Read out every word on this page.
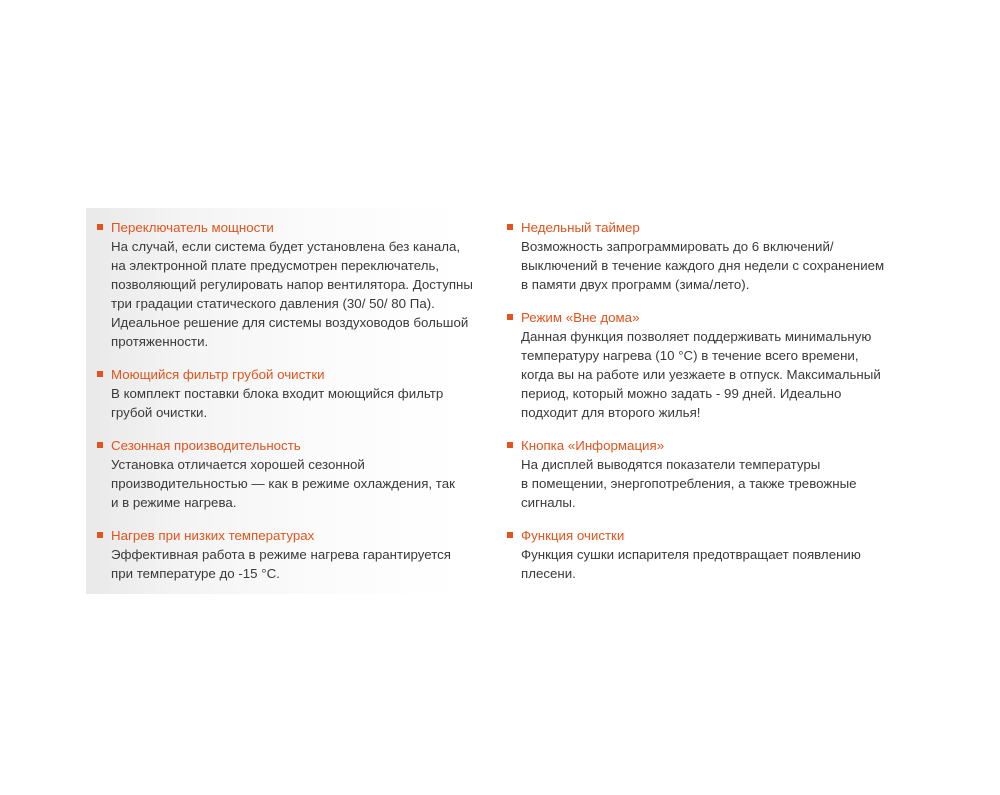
Переключатель мощности
На случай, если система будет установлена без канала,
на электронной плате предусмотрен переключатель,
позволяющий регулировать напор вентилятора. Доступны
три градации статического давления (30/ 50/ 80 Па).
Идеальное решение для системы воздуховодов большой
протяженности.
Моющийся фильтр грубой очистки
В комплект поставки блока входит моющийся фильтр
грубой очистки.
Сезонная производительность
Установка отличается хорошей сезонной
производительностью — как в режиме охлаждения, так
и в режиме нагрева.
Нагрев при низких температурах
Эффективная работа в режиме нагрева гарантируется
при температуре до -15 °С.
Недельный таймер
Возможность запрограммировать до 6 включений/
выключений в течение каждого дня недели с сохранением
в памяти двух программ (зима/лето).
Режим «Вне дома»
Данная функция позволяет поддерживать минимальную
температуру нагрева (10 °С) в течение всего времени,
когда вы на работе или уезжаете в отпуск. Максимальный
период, который можно задать - 99 дней. Идеально
подходит для второго жилья!
Кнопка «Информация»
На дисплей выводятся показатели температуры
в помещении, энергопотребления, а также тревожные
сигналы.
Функция очистки
Функция сушки испарителя предотвращает появлению
плесени.
